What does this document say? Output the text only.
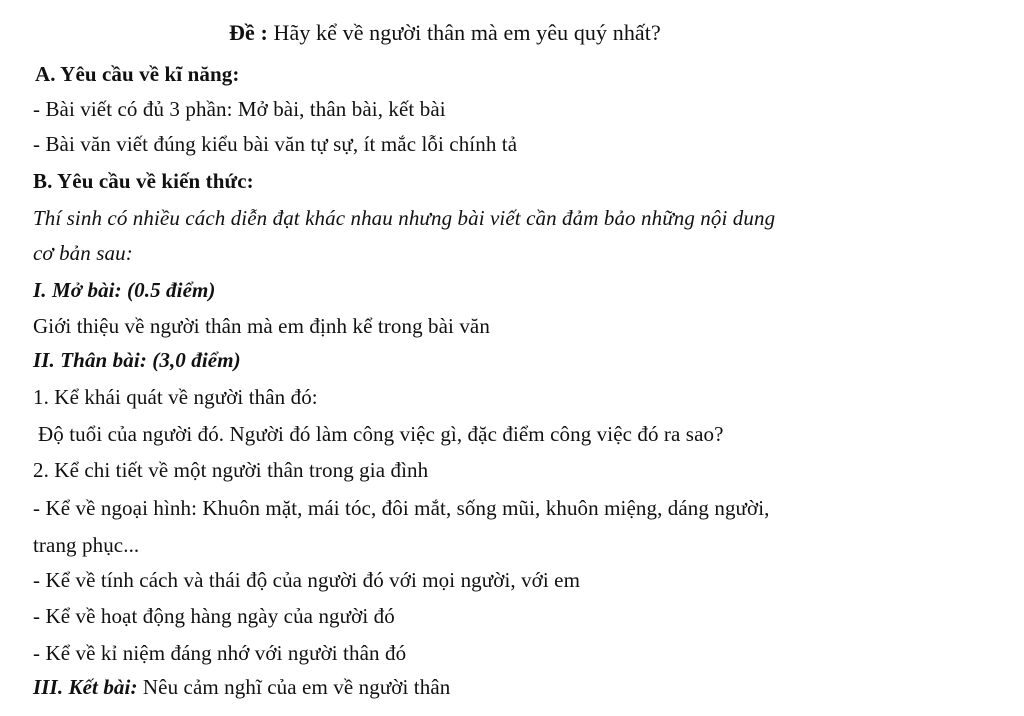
Đề : Hãy kể về người thân mà em yêu quý nhất?
A. Yêu cầu về kĩ năng:
- Bài viết có đủ 3 phần: Mở bài, thân bài, kết bài
- Bài văn viết đúng kiểu bài văn tự sự, ít mắc lỗi chính tả
B. Yêu cầu về kiến thức:
Thí sinh có nhiều cách diễn đạt khác nhau nhưng bài viết cần đảm bảo những nội dung
cơ bản sau:
I. Mở bài: (0.5 điểm)
Giới thiệu về người thân mà em định kể trong bài văn
II. Thân bài: (3,0 điểm)
1. Kể khái quát về người thân đó:
Độ tuổi của người đó. Người đó làm công việc gì, đặc điểm công việc đó ra sao?
2. Kể chi tiết về một người thân trong gia đình
- Kể về ngoại hình: Khuôn mặt, mái tóc, đôi mắt, sống mũi, khuôn miệng, dáng người,
trang phục...
- Kể về tính cách và thái độ của người đó với mọi người, với em
- Kể về hoạt động hàng ngày của người đó
- Kể về kỉ niệm đáng nhớ với người thân đó
III. Kết bài: Nêu cảm nghĩ của em về người thân
